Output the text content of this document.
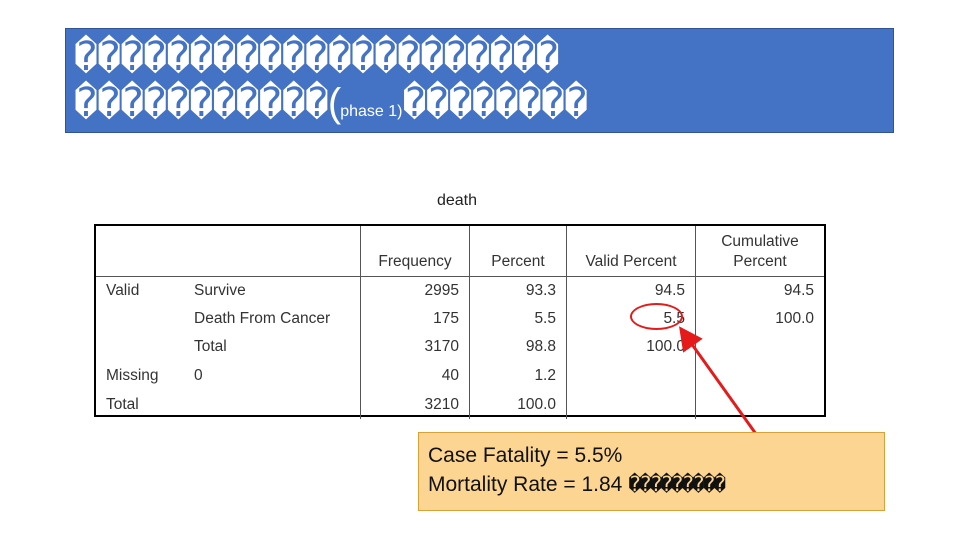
���������������������
�����������(phase 1)��������
death
		Frequency	Percent	Valid Percent	Cumulative
Percent
Valid	Survive	2995	93.3	94.5	94.5
	Death From Cancer	175	5.5	5.5	100.0
	Total	3170	98.8	100.0	
Missing	0	40	1.2		
Total		3210	100.0		
Case Fatality = 5.5%
Mortality Rate = 1.84 ���������
